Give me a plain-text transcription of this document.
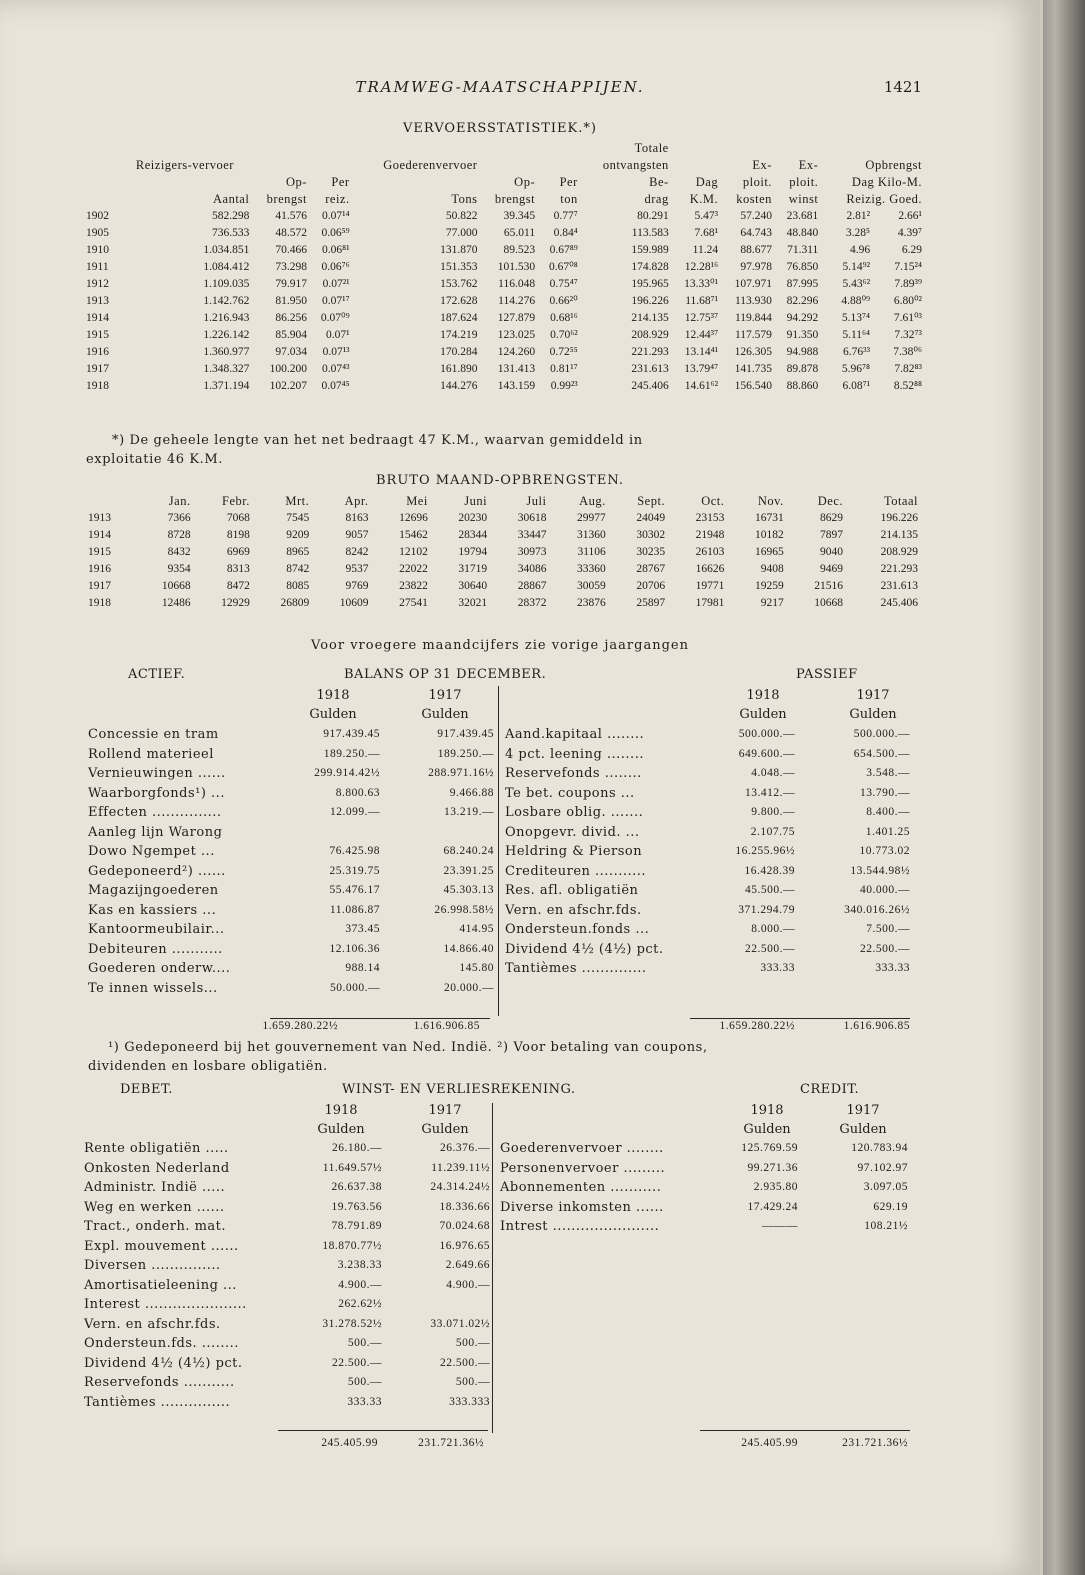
TRAMWEG-MAATSCHAPPIJEN.	1421
VERVOERSSTATISTIEK.*)
							Totale					
	Reizigers-vervoer			Goederenvervoer			ontvangsten		Ex-	Ex-	Opbrengst	
		Op-	Per		Op-	Per	Be-	Dag	ploit.	ploit.	Dag Kilo-M.	
	Aantal	brengst	reiz.	Tons	brengst	ton	drag	K.M.	kosten	winst	Reizig. Goed.	
1902	582.298	41.576	0.07¹⁴	50.822	39.345	0.77⁷	80.291	5.47³	57.240	23.681	2.81²	2.66¹
1905	736.533	48.572	0.06⁵⁹	77.000	65.011	0.84⁴	113.583	7.68¹	64.743	48.840	3.28⁵	4.39⁷
1910	1.034.851	70.466	0.06⁸¹	131.870	89.523	0.67⁸⁹	159.989	11.24	88.677	71.311	4.96	6.29
1911	1.084.412	73.298	0.06⁷⁶	151.353	101.530	0.67⁰⁸	174.828	12.28¹⁶	97.978	76.850	5.14⁹²	7.15²⁴
1912	1.109.035	79.917	0.07²¹	153.762	116.048	0.75⁴⁷	195.965	13.33⁰¹	107.971	87.995	5.43⁶²	7.89³⁹
1913	1.142.762	81.950	0.07¹⁷	172.628	114.276	0.66²⁰	196.226	11.68⁷¹	113.930	82.296	4.88⁰⁹	6.80⁰²
1914	1.216.943	86.256	0.07⁰⁹	187.624	127.879	0.68¹⁶	214.135	12.75³⁷	119.844	94.292	5.13⁷⁴	7.61⁰³
1915	1.226.142	85.904	0.07¹	174.219	123.025	0.70⁶²	208.929	12.44³⁷	117.579	91.350	5.11⁶⁴	7.32⁷³
1916	1.360.977	97.034	0.07¹³	170.284	124.260	0.72⁵⁵	221.293	13.14⁴¹	126.305	94.988	6.76³³	7.38⁰⁶
1917	1.348.327	100.200	0.07⁴³	161.890	131.413	0.81¹⁷	231.613	13.79⁴⁷	141.735	89.878	5.96⁷⁸	7.82⁸³
1918	1.371.194	102.207	0.07⁴⁵	144.276	143.159	0.99²³	245.406	14.61⁶²	156.540	88.860	6.08⁷¹	8.52⁸⁸
*) De geheele lengte van het net bedraagt 47 K.M., waarvan gemiddeld in
exploitatie 46 K.M.
BRUTO MAAND-OPBRENGSTEN.
	Jan.	Febr.	Mrt.	Apr.	Mei	Juni	Juli	Aug.	Sept.	Oct.	Nov.	Dec.	Totaal
1913	7366	7068	7545	8163	12696	20230	30618	29977	24049	23153	16731	8629	196.226
1914	8728	8198	9209	9057	15462	28344	33447	31360	30302	21948	10182	7897	214.135
1915	8432	6969	8965	8242	12102	19794	30973	31106	30235	26103	16965	9040	208.929
1916	9354	8313	8742	9537	22022	31719	34086	33360	28767	16626	9408	9469	221.293
1917	10668	8472	8085	9769	23822	30640	28867	30059	20706	19771	19259	21516	231.613
1918	12486	12929	26809	10609	27541	32021	28372	23876	25897	17981	9217	10668	245.406
Voor vroegere maandcijfers zie vorige jaargangen
ACTIEF.	BALANS OP 31 DECEMBER.	PASSIEF
1918	1917
Gulden	Gulden
1918	1917
Gulden	Gulden
Concessie en tram	917.439.45	917.439.45
Rollend materieel	189.250.—	189.250.—
Vernieuwingen ......	299.914.42½	288.971.16½
Waarborgfonds¹) ...	8.800.63	9.466.88
Effecten ...............	12.099.—	13.219.—
Aanleg lijn Warong
Dowo Ngempet ...	76.425.98	68.240.24
Gedeponeerd²) ......	25.319.75	23.391.25
Magazijngoederen	55.476.17	45.303.13
Kas en kassiers ...	11.086.87	26.998.58½
Kantoormeubilair...	373.45	414.95
Debiteuren ...........	12.106.36	14.866.40
Goederen onderw....	988.14	145.80
Te innen wissels...	50.000.—	20.000.—
Aand.kapitaal ........	500.000.—	500.000.—
4 pct. leening ........	649.600.—	654.500.—
Reservefonds ........	4.048.—	3.548.—
Te bet. coupons ...	13.412.—	13.790.—
Losbare oblig. .......	9.800.—	8.400.—
Onopgevr. divid. ...	2.107.75	1.401.25
Heldring & Pierson	16.255.96½	10.773.02
Crediteuren ...........	16.428.39	13.544.98½
Res. afl. obligatiën	45.500.—	40.000.—
Vern. en afschr.fds.	371.294.79	340.016.26½
Ondersteun.fonds ...	8.000.—	7.500.—
Dividend 4½ (4½) pct.	22.500.—	22.500.—
Tantièmes ..............	333.33	333.33
1.659.280.22½	1.616.906.85	1.659.280.22½	1.616.906.85
¹) Gedeponeerd bij het gouvernement van Ned. Indië. ²) Voor betaling van coupons,
dividenden en losbare obligatiën.
DEBET.	WINST- EN VERLIESREKENING.	CREDIT.
1918	1917
Gulden	Gulden
1918	1917
Gulden	Gulden
Rente obligatiën .....	26.180.—	26.376.—
Onkosten Nederland	11.649.57½	11.239.11½
Administr. Indië .....	26.637.38	24.314.24½
Weg en werken ......	19.763.56	18.336.66
Tract., onderh. mat.	78.791.89	70.024.68
Expl. mouvement ......	18.870.77½	16.976.65
Diversen ...............	3.238.33	2.649.66
Amortisatieleening ...	4.900.—	4.900.—
Interest ......................	262.62½
Vern. en afschr.fds.	31.278.52½	33.071.02½
Ondersteun.fds. ........	500.—	500.—
Dividend 4½ (4½) pct.	22.500.—	22.500.—
Reservefonds ...........	500.—	500.—
Tantièmes ...............	333.33	333.333
Goederenvervoer ........	125.769.59	120.783.94
Personenvervoer .........	99.271.36	97.102.97
Abonnementen ...........	2.935.80	3.097.05
Diverse inkomsten ......	17.429.24	629.19
Intrest .......................	———	108.21½
245.405.99	231.721.36½	245.405.99	231.721.36½
